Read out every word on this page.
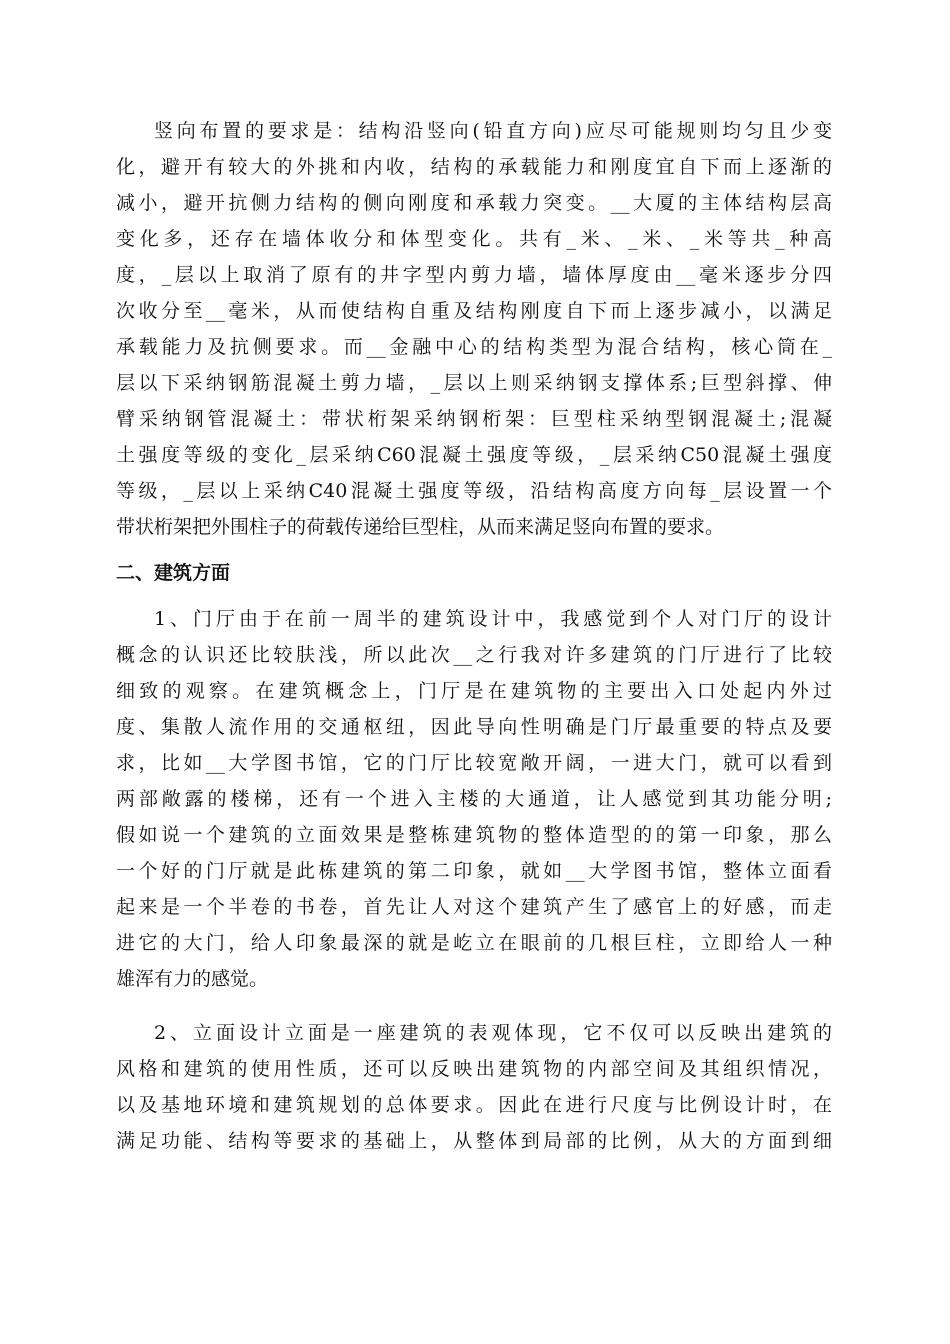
竖向布置的要求是：结构沿竖向(铅直方向)应尽可能规则均匀且少变
化，避开有较大的外挑和内收，结构的承载能力和刚度宜自下而上逐渐的
减小，避开抗侧力结构的侧向刚度和承载力突变。__大厦的主体结构层高
变化多，还存在墙体收分和体型变化。共有_米、_米、_米等共_种高
度，_层以上取消了原有的井字型内剪力墙，墙体厚度由__毫米逐步分四
次收分至__毫米，从而使结构自重及结构刚度自下而上逐步减小，以满足
承载能力及抗侧要求。而__金融中心的结构类型为混合结构，核心筒在_
层以下采纳钢筋混凝土剪力墙，_层以上则采纳钢支撑体系;巨型斜撑、伸
臂采纳钢管混凝土：带状桁架采纳钢桁架：巨型柱采纳型钢混凝土;混凝
土强度等级的变化_层采纳C60混凝土强度等级，_层采纳C50混凝土强度
等级，_层以上采纳C40混凝土强度等级，沿结构高度方向每_层设置一个
带状桁架把外围柱子的荷载传递给巨型柱，从而来满足竖向布置的要求。
二、建筑方面
1、门厅由于在前一周半的建筑设计中，我感觉到个人对门厅的设计
概念的认识还比较肤浅，所以此次__之行我对许多建筑的门厅进行了比较
细致的观察。在建筑概念上，门厅是在建筑物的主要出入口处起内外过
度、集散人流作用的交通枢纽，因此导向性明确是门厅最重要的特点及要
求，比如__大学图书馆，它的门厅比较宽敞开阔，一进大门，就可以看到
两部敞露的楼梯，还有一个进入主楼的大通道，让人感觉到其功能分明;
假如说一个建筑的立面效果是整栋建筑物的整体造型的的第一印象，那么
一个好的门厅就是此栋建筑的第二印象，就如__大学图书馆，整体立面看
起来是一个半卷的书卷，首先让人对这个建筑产生了感官上的好感，而走
进它的大门，给人印象最深的就是屹立在眼前的几根巨柱，立即给人一种
雄浑有力的感觉。
2、立面设计立面是一座建筑的表观体现，它不仅可以反映出建筑的
风格和建筑的使用性质，还可以反映出建筑物的内部空间及其组织情况，
以及基地环境和建筑规划的总体要求。因此在进行尺度与比例设计时，在
满足功能、结构等要求的基础上，从整体到局部的比例，从大的方面到细
